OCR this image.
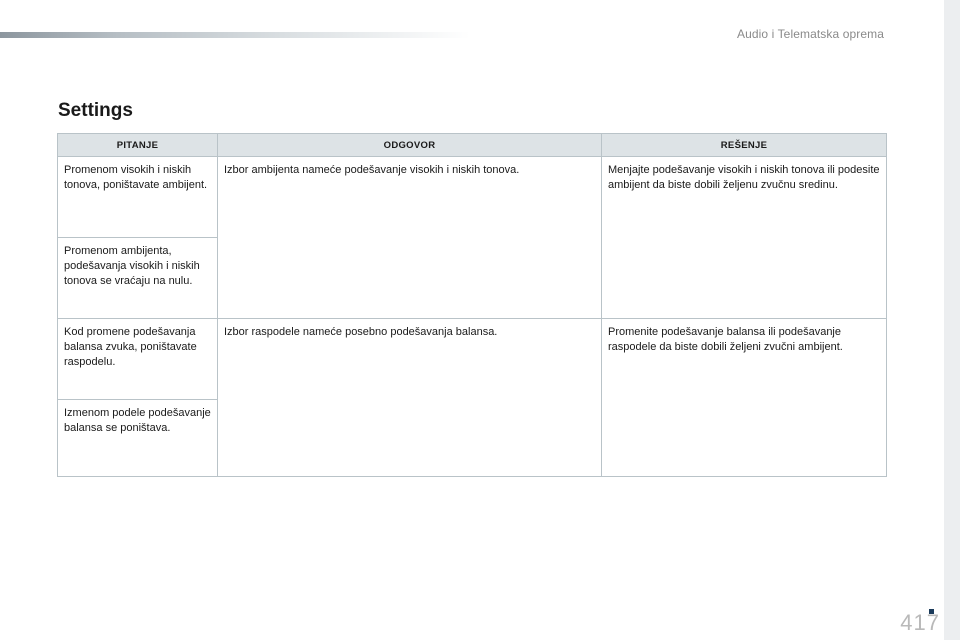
Audio i Telematska oprema
Settings
PITANJE	ODGOVOR	REŠENJE
Promenom visokih i niskih tonova, poništavate ambijent.	Izbor ambijenta nameće podešavanje visokih i niskih tonova.	Menjajte podešavanje visokih i niskih tonova ili podesite ambijent da biste dobili željenu zvučnu sredinu.
Promenom ambijenta, podešavanja visokih i niskih tonova se vraćaju na nulu.		
Kod promene podešavanja balansa zvuka, poništavate raspodelu.	Izbor raspodele nameće posebno podešavanja balansa.	Promenite podešavanje balansa ili podešavanje raspodele da biste dobili željeni zvučni ambijent.
Izmenom podele podešavanje balansa se poništava.		
417
